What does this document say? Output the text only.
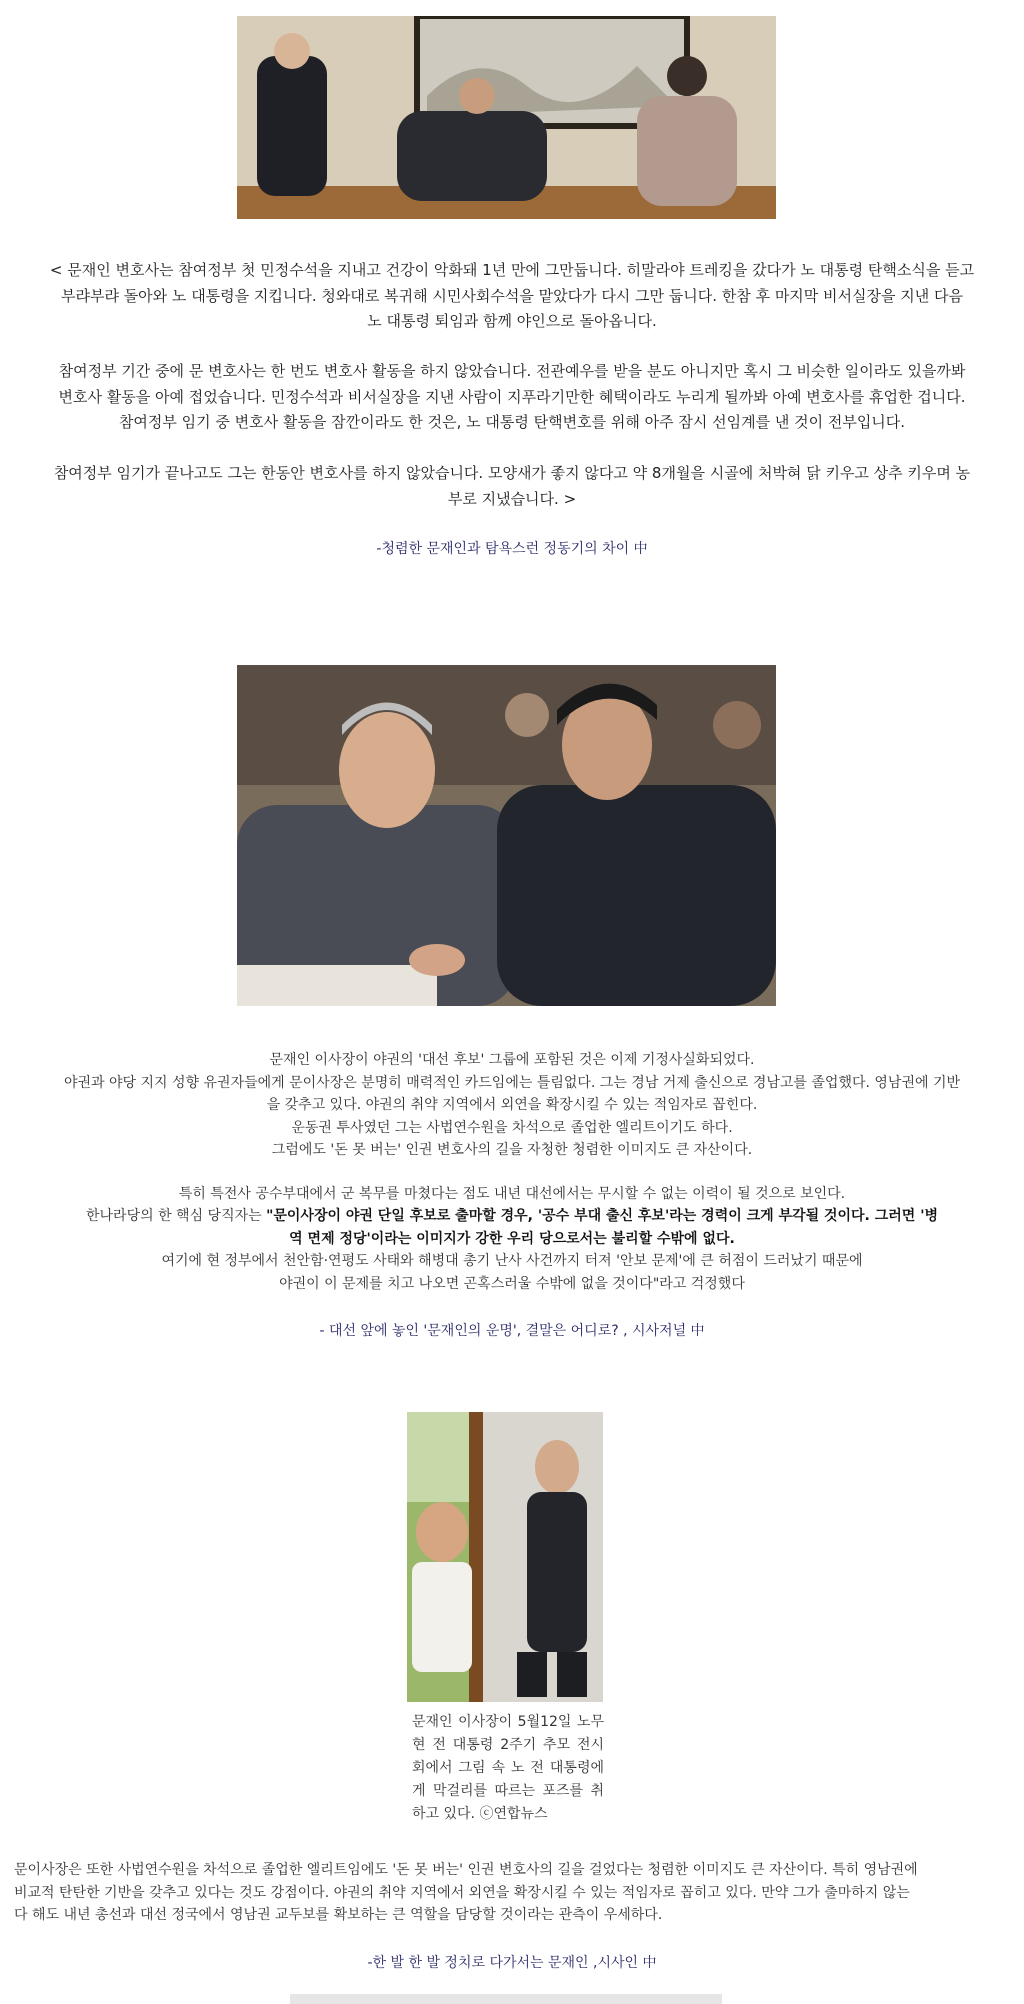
< 문재인 변호사는 참여정부 첫 민정수석을 지내고 건강이 악화돼 1년 만에 그만둡니다. 히말라야 트레킹을 갔다가 노 대통령 탄핵소식을 듣고
부랴부랴 돌아와 노 대통령을 지킵니다. 청와대로 복귀해 시민사회수석을 맡았다가 다시 그만 둡니다. 한참 후 마지막 비서실장을 지낸 다음
노 대통령 퇴임과 함께 야인으로 돌아옵니다.

참여정부 기간 중에 문 변호사는 한 번도 변호사 활동을 하지 않았습니다. 전관예우를 받을 분도 아니지만 혹시 그 비슷한 일이라도 있을까봐
변호사 활동을 아예 접었습니다. 민정수석과 비서실장을 지낸 사람이 지푸라기만한 혜택이라도 누리게 될까봐 아예 변호사를 휴업한 겁니다.
참여정부 임기 중 변호사 활동을 잠깐이라도 한 것은, 노 대통령 탄핵변호를 위해 아주 잠시 선임계를 낸 것이 전부입니다.

참여정부 임기가 끝나고도 그는 한동안 변호사를 하지 않았습니다. 모양새가 좋지 않다고 약 8개월을 시골에 처박혀 닭 키우고 상추 키우며 농
부로 지냈습니다. >

-청렴한 문재인과 탐욕스런 정동기의 차이 中

문재인 이사장이 야권의 '대선 후보' 그룹에 포함된 것은 이제 기정사실화되었다.
야권과 야당 지지 성향 유권자들에게 문이사장은 분명히 매력적인 카드임에는 틀림없다. 그는 경남 거제 출신으로 경남고를 졸업했다. 영남권에 기반
을 갖추고 있다. 야권의 취약 지역에서 외연을 확장시킬 수 있는 적임자로 꼽힌다.
운동권 투사였던 그는 사법연수원을 차석으로 졸업한 엘리트이기도 하다.
그럼에도 '돈 못 버는' 인권 변호사의 길을 자청한 청렴한 이미지도 큰 자산이다.

특히 특전사 공수부대에서 군 복무를 마쳤다는 점도 내년 대선에서는 무시할 수 없는 이력이 될 것으로 보인다.

한나라당의 한 핵심 당직자는 "문이사장이 야권 단일 후보로 출마할 경우, '공수 부대 출신 후보'라는 경력이 크게 부각될 것이다. 그러면 '병
역 면제 정당'이라는 이미지가 강한 우리 당으로서는 불리할 수밖에 없다.
여기에 현 정부에서 천안함·연평도 사태와 해병대 총기 난사 사건까지 터져 '안보 문제'에 큰 허점이 드러났기 때문에
야권이 이 문제를 치고 나오면 곤혹스러울 수밖에 없을 것이다"라고 걱정했다

- 대선 앞에 놓인 '문재인의 운명', 결말은 어디로? , 시사저널 中

문재인 이사장이 5월12일 노무현 전 대통령 2주기 추모 전시회에서 그림 속 노 전 대통령에게 막걸리를 따르는 포즈를 취하고 있다. ⓒ연합뉴스

문이사장은 또한 사법연수원을 차석으로 졸업한 엘리트임에도 '돈 못 버는' 인권 변호사의 길을 걸었다는 청렴한 이미지도 큰 자산이다. 특히 영남권에
비교적 탄탄한 기반을 갖추고 있다는 것도 강점이다. 야권의 취약 지역에서 외연을 확장시킬 수 있는 적임자로 꼽히고 있다. 만약 그가 출마하지 않는
다 해도 내년 총선과 대선 정국에서 영남권 교두보를 확보하는 큰 역할을 담당할 것이라는 관측이 우세하다.

-한 발 한 발 정치로 다가서는 문재인 ,시사인 中
